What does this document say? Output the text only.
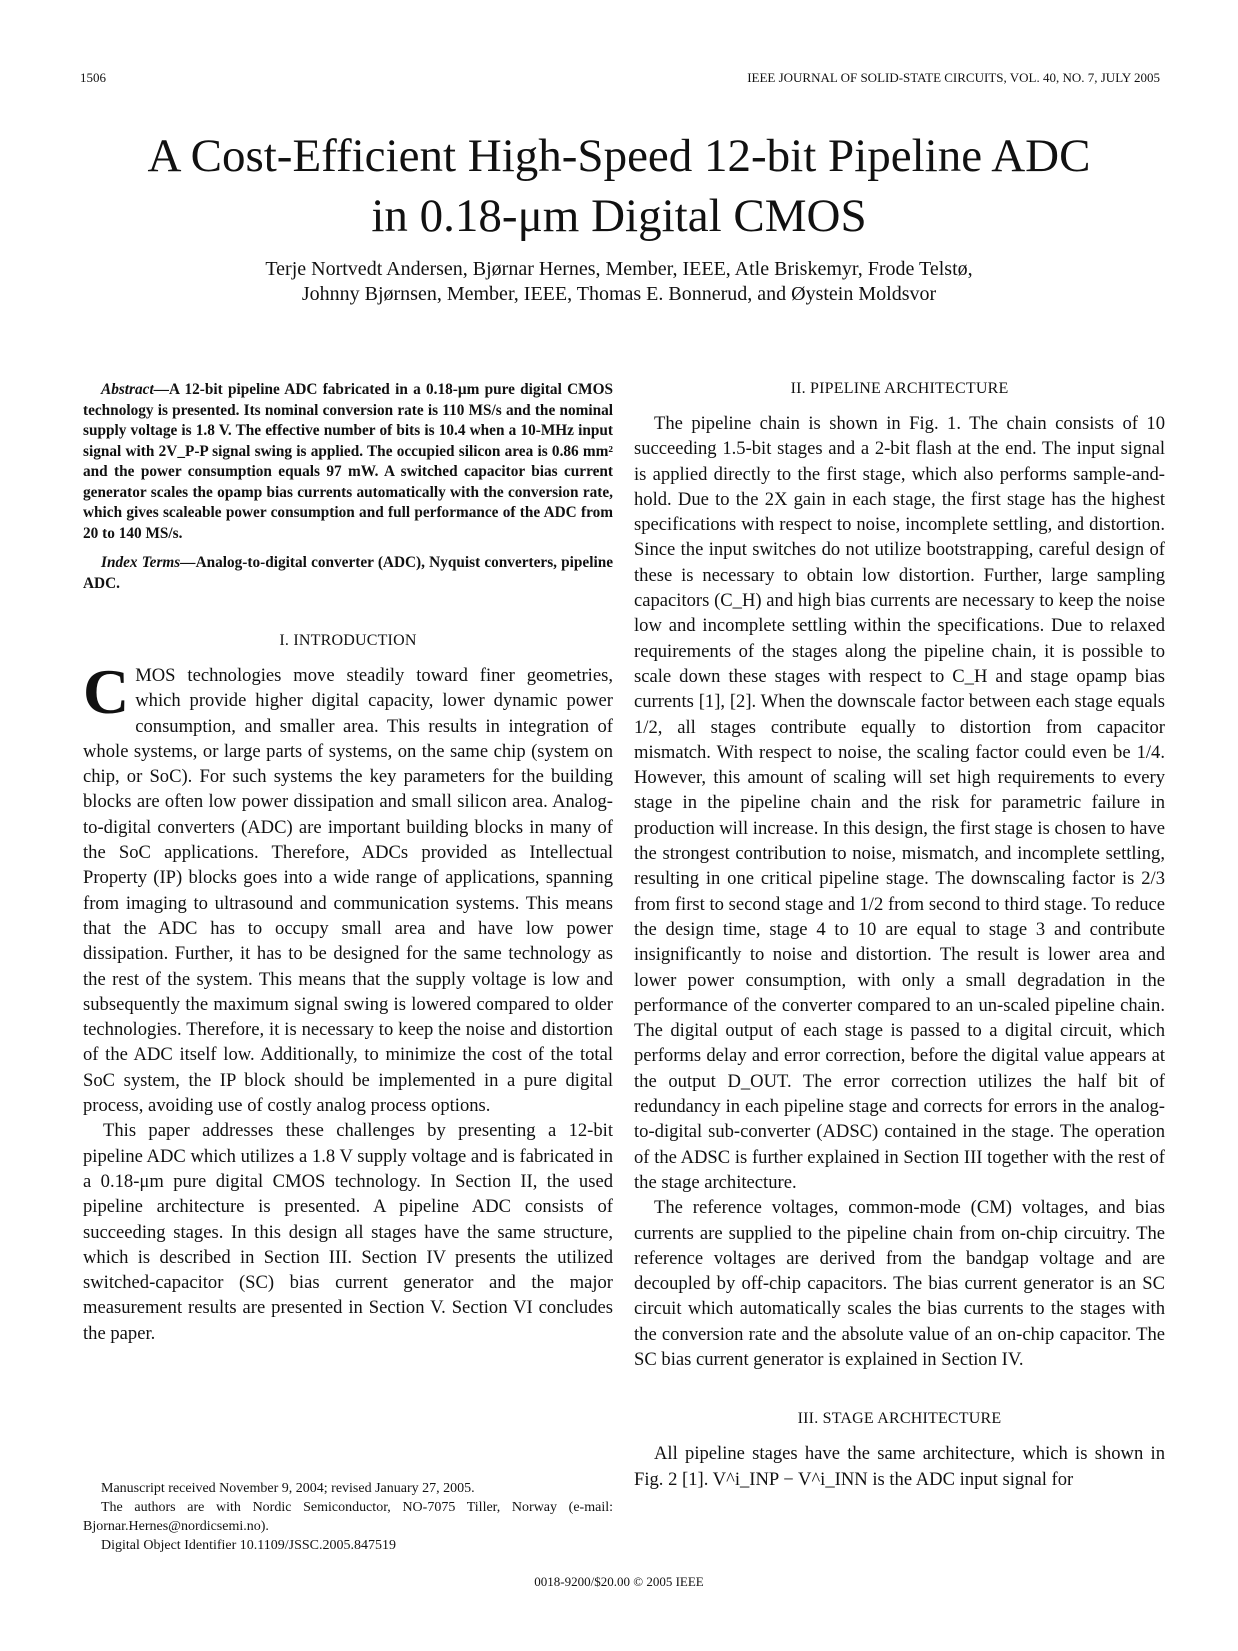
1506	IEEE JOURNAL OF SOLID-STATE CIRCUITS, VOL. 40, NO. 7, JULY 2005
A Cost-Efficient High-Speed 12-bit Pipeline ADC
in 0.18-μm Digital CMOS
Terje Nortvedt Andersen, Bjørnar Hernes, Member, IEEE, Atle Briskemyr, Frode Telstø,
Johnny Bjørnsen, Member, IEEE, Thomas E. Bonnerud, and Øystein Moldsvor

Abstract—A 12-bit pipeline ADC fabricated in a 0.18-μm pure digital CMOS technology is presented. Its nominal conversion rate is 110 MS/s and the nominal supply voltage is 1.8 V. The effective number of bits is 10.4 when a 10-MHz input signal with 2V_P-P signal swing is applied. The occupied silicon area is 0.86 mm² and the power consumption equals 97 mW. A switched capacitor bias current generator scales the opamp bias currents automatically with the conversion rate, which gives scaleable power consumption and full performance of the ADC from 20 to 140 MS/s.

Index Terms—Analog-to-digital converter (ADC), Nyquist converters, pipeline ADC.

I. INTRODUCTION

CMOS technologies move steadily toward finer geometries, which provide higher digital capacity, lower dynamic power consumption, and smaller area. This results in integration of whole systems, or large parts of systems, on the same chip (system on chip, or SoC). For such systems the key parameters for the building blocks are often low power dissipation and small silicon area. Analog-to-digital converters (ADC) are important building blocks in many of the SoC applications. Therefore, ADCs provided as Intellectual Property (IP) blocks goes into a wide range of applications, spanning from imaging to ultrasound and communication systems. This means that the ADC has to occupy small area and have low power dissipation. Further, it has to be designed for the same technology as the rest of the system. This means that the supply voltage is low and subsequently the maximum signal swing is lowered compared to older technologies. Therefore, it is necessary to keep the noise and distortion of the ADC itself low. Additionally, to minimize the cost of the total SoC system, the IP block should be implemented in a pure digital process, avoiding use of costly analog process options.

This paper addresses these challenges by presenting a 12-bit pipeline ADC which utilizes a 1.8 V supply voltage and is fabricated in a 0.18-μm pure digital CMOS technology. In Section II, the used pipeline architecture is presented. A pipeline ADC consists of succeeding stages. In this design all stages have the same structure, which is described in Section III. Section IV presents the utilized switched-capacitor (SC) bias current generator and the major measurement results are presented in Section V. Section VI concludes the paper.

II. PIPELINE ARCHITECTURE

The pipeline chain is shown in Fig. 1. The chain consists of 10 succeeding 1.5-bit stages and a 2-bit flash at the end. The input signal is applied directly to the first stage, which also performs sample-and-hold. Due to the 2X gain in each stage, the first stage has the highest specifications with respect to noise, incomplete settling, and distortion. Since the input switches do not utilize bootstrapping, careful design of these is necessary to obtain low distortion. Further, large sampling capacitors (C_H) and high bias currents are necessary to keep the noise low and incomplete settling within the specifications. Due to relaxed requirements of the stages along the pipeline chain, it is possible to scale down these stages with respect to C_H and stage opamp bias currents [1], [2]. When the downscale factor between each stage equals 1/2, all stages contribute equally to distortion from capacitor mismatch. With respect to noise, the scaling factor could even be 1/4. However, this amount of scaling will set high requirements to every stage in the pipeline chain and the risk for parametric failure in production will increase. In this design, the first stage is chosen to have the strongest contribution to noise, mismatch, and incomplete settling, resulting in one critical pipeline stage. The downscaling factor is 2/3 from first to second stage and 1/2 from second to third stage. To reduce the design time, stage 4 to 10 are equal to stage 3 and contribute insignificantly to noise and distortion. The result is lower area and lower power consumption, with only a small degradation in the performance of the converter compared to an un-scaled pipeline chain. The digital output of each stage is passed to a digital circuit, which performs delay and error correction, before the digital value appears at the output D_OUT. The error correction utilizes the half bit of redundancy in each pipeline stage and corrects for errors in the analog-to-digital sub-converter (ADSC) contained in the stage. The operation of the ADSC is further explained in Section III together with the rest of the stage architecture.

The reference voltages, common-mode (CM) voltages, and bias currents are supplied to the pipeline chain from on-chip circuitry. The reference voltages are derived from the bandgap voltage and are decoupled by off-chip capacitors. The bias current generator is an SC circuit which automatically scales the bias currents to the stages with the conversion rate and the absolute value of an on-chip capacitor. The SC bias current generator is explained in Section IV.

III. STAGE ARCHITECTURE

All pipeline stages have the same architecture, which is shown in Fig. 2 [1]. V^i_INP − V^i_INN is the ADC input signal for

Manuscript received November 9, 2004; revised January 27, 2005.

The authors are with Nordic Semiconductor, NO-7075 Tiller, Norway (e-mail: Bjornar.Hernes@nordicsemi.no).

Digital Object Identifier 10.1109/JSSC.2005.847519

0018-9200/$20.00 © 2005 IEEE
